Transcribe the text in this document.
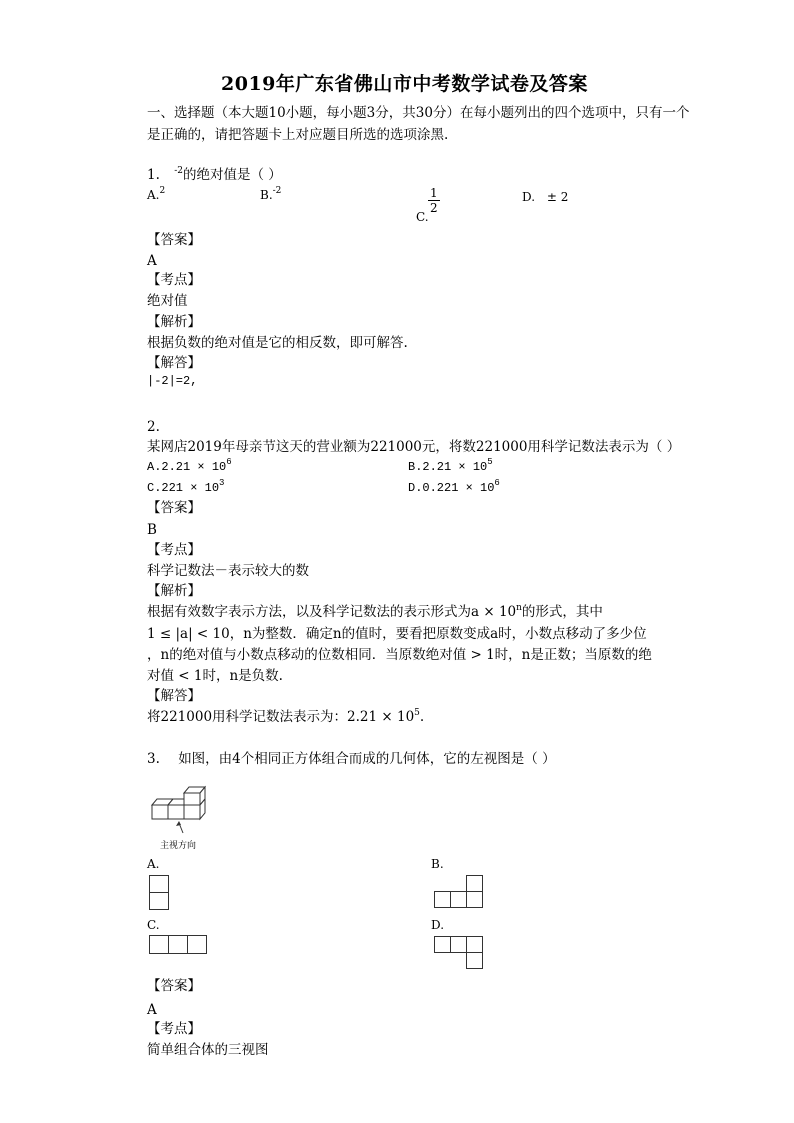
2019年广东省佛山市中考数学试卷及答案
一、选择题（本大题10小题，每小题3分，共30分）在每小题列出的四个选项中，只有一个
是正确的，请把答题卡上对应题目所选的选项涂黑.
1. $^{-2}$的绝对值是（ ）
A.$^2$	B.$^{-2}$
C.
$\frac{1}{2}$	D. ± 2
【答案】
A
【考点】
绝对值
【解析】
根据负数的绝对值是它的相反数，即可解答.
【解答】
|-2|=2,
2.
某网店2019年母亲节这天的营业额为221000元，将数221000用科学记数法表示为（ ）
$A.2.21 \times 10^6$	$B.2.21 \times 10^5$
$C.221 \times 10^3$	$D.0.221 \times 10^6$
【答案】
B
【考点】
科学记数法－表示较大的数
【解析】
根据有效数字表示方法，以及科学记数法的表示形式为$a \times 10^n$的形式，其中
1 ≤ |a| < 10，n为整数．确定n的值时，要看把原数变成a时，小数点移动了多少位
，n的绝对值与小数点移动的位数相同．当原数绝对值 > 1时，n是正数；当原数的绝
对值 < 1时，n是负数.
【解答】
将221000用科学记数法表示为：$2.21 \times 10^5$.
3. 如图，由4个相同正方体组合而成的几何体，它的左视图是（ ）
主视方向
A.	B.
C.	D.
【答案】
A
【考点】
简单组合体的三视图
